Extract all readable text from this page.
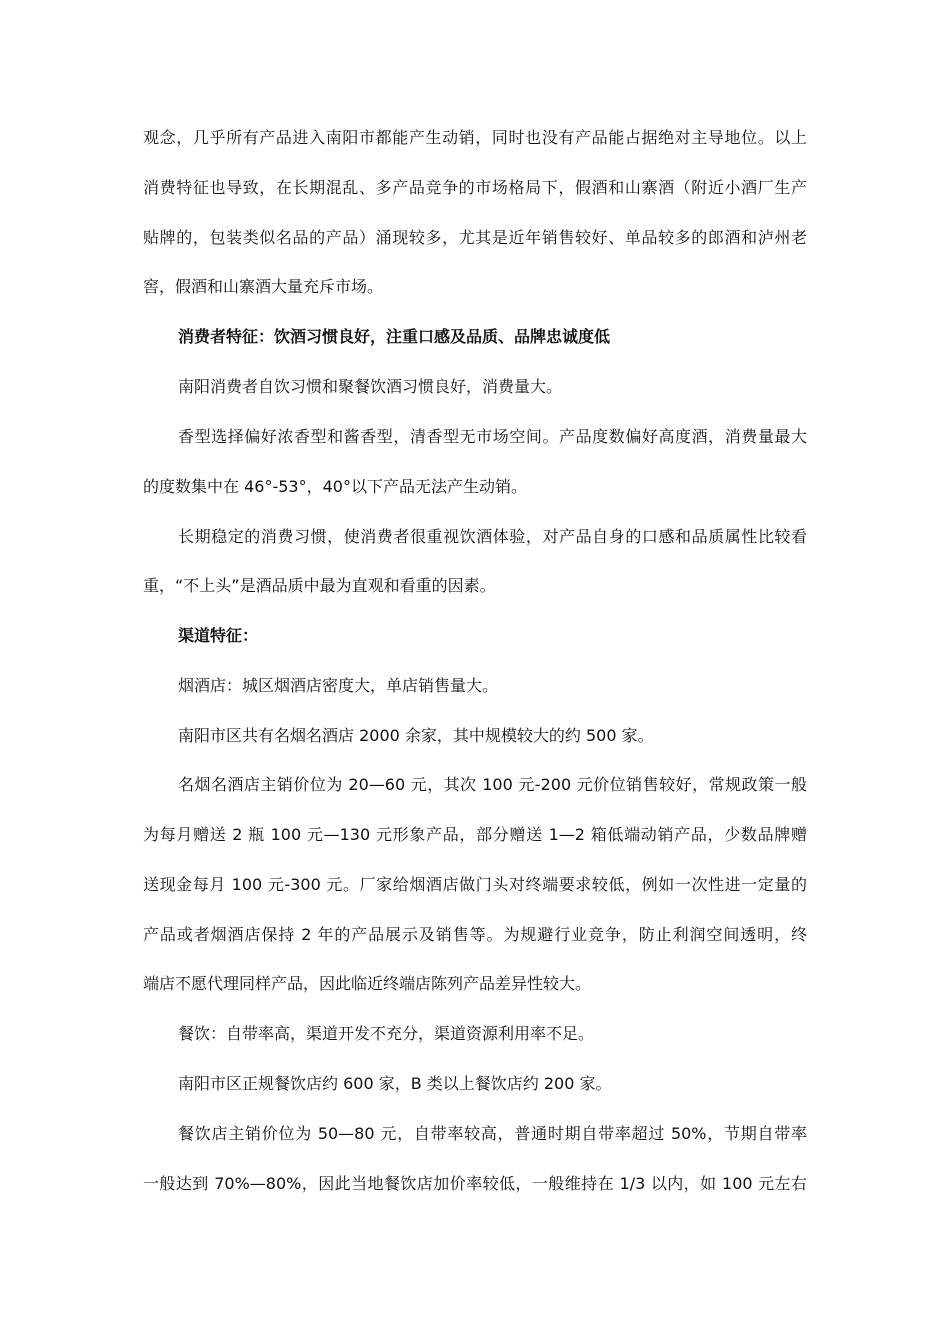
观念，几乎所有产品进入南阳市都能产生动销，同时也没有产品能占据绝对主导地位。以上
消费特征也导致，在长期混乱、多产品竞争的市场格局下，假酒和山寨酒（附近小酒厂生产
贴牌的，包装类似名品的产品）涌现较多，尤其是近年销售较好、单品较多的郎酒和泸州老
窖，假酒和山寨酒大量充斥市场。
消费者特征：饮酒习惯良好，注重口感及品质、品牌忠诚度低
南阳消费者自饮习惯和聚餐饮酒习惯良好，消费量大。
香型选择偏好浓香型和酱香型，清香型无市场空间。产品度数偏好高度酒，消费量最大
的度数集中在 46°-53°，40°以下产品无法产生动销。
长期稳定的消费习惯，使消费者很重视饮酒体验，对产品自身的口感和品质属性比较看
重，“不上头”是酒品质中最为直观和看重的因素。
渠道特征：
烟酒店：城区烟酒店密度大，单店销售量大。
南阳市区共有名烟名酒店 2000 余家，其中规模较大的约 500 家。
名烟名酒店主销价位为 20—60 元，其次 100 元-200 元价位销售较好，常规政策一般
为每月赠送 2 瓶 100 元—130 元形象产品，部分赠送 1—2 箱低端动销产品，少数品牌赠
送现金每月 100 元-300 元。厂家给烟酒店做门头对终端要求较低，例如一次性进一定量的
产品或者烟酒店保持 2 年的产品展示及销售等。为规避行业竞争，防止利润空间透明，终
端店不愿代理同样产品，因此临近终端店陈列产品差异性较大。
餐饮：自带率高，渠道开发不充分，渠道资源利用率不足。
南阳市区正规餐饮店约 600 家，B 类以上餐饮店约 200 家。
餐饮店主销价位为 50—80 元，自带率较高，普通时期自带率超过 50%，节期自带率
一般达到 70%—80%，因此当地餐饮店加价率较低，一般维持在 1/3 以内，如 100 元左右
